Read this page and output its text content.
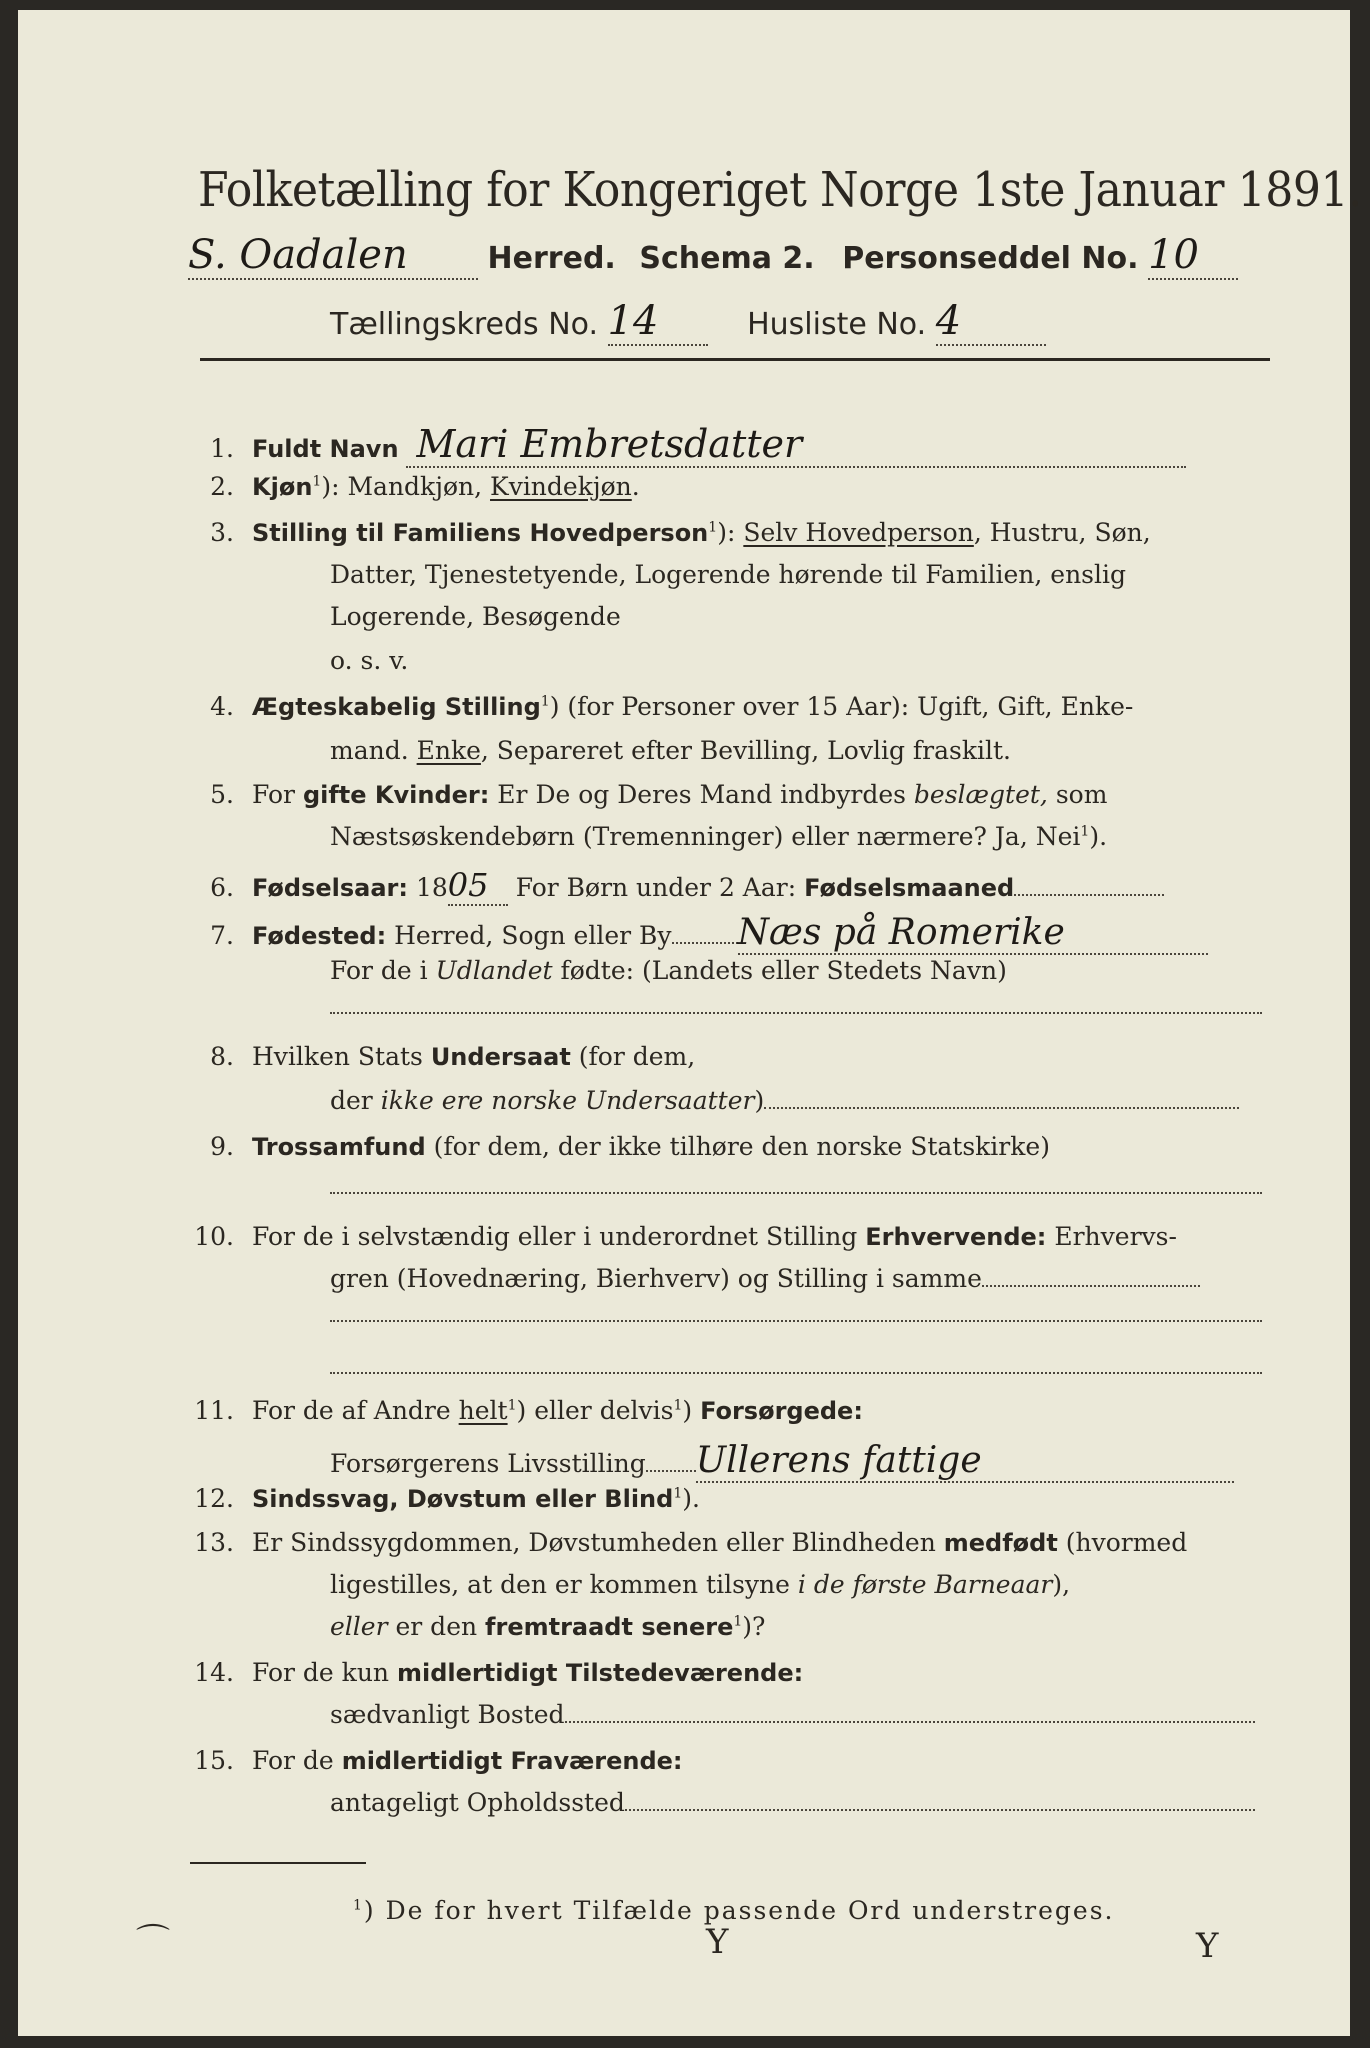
Folketælling for Kongeriget Norge 1ste Januar 1891.
S. Oadalen	Herred. Schema 2. Personseddel No. 10
Tællingskreds No. 14	Husliste No. 4
1. Fuldt Navn Mari Embretsdatter
2. Kjøn$^1$): Mandkjøn, Kvindekjøn.
3. Stilling til Familiens Hovedperson$^1$): Selv Hovedperson, Hustru, Søn,
Datter, Tjenestetyende, Logerende hørende til Familien, enslig
Logerende, Besøgende
o. s. v.
4. Ægteskabelig Stilling$^1$) (for Personer over 15 Aar): Ugift, Gift, Enke-
mand. Enke, Separeret efter Bevilling, Lovlig fraskilt.
5. For gifte Kvinder: Er De og Deres Mand indbyrdes beslægtet, som
Næstsøskendebørn (Tremenninger) eller nærmere? Ja, Nei$^1$).
6. Fødselsaar: 1805 For Børn under 2 Aar: Fødselsmaaned
7. Fødested: Herred, Sogn eller By Næs på Romerike
For de i Udlandet fødte: (Landets eller Stedets Navn)
8. Hvilken Stats Undersaat (for dem,
der ikke ere norske Undersaatter)
9. Trossamfund (for dem, der ikke tilhøre den norske Statskirke)
10. For de i selvstændig eller i underordnet Stilling Erhvervende: Erhvervs-
gren (Hovednæring, Bierhverv) og Stilling i samme
11. For de af Andre helt$^1$) eller delvis$^1$) Forsørgede:
Forsørgerens Livsstilling Ullerens fattige
12. Sindssvag, Døvstum eller Blind$^1$).
13. Er Sindssygdommen, Døvstumheden eller Blindheden medfødt (hvormed
ligestilles, at den er kommen tilsyne i de første Barneaar),
eller er den fremtraadt senere$^1$)?
14. For de kun midlertidigt Tilstedeværende:
sædvanligt Bosted
15. For de midlertidigt Fraværende:
antageligt Opholdssted
$^1$) De for hvert Tilfælde passende Ord understreges.
⌒	Y	Y
